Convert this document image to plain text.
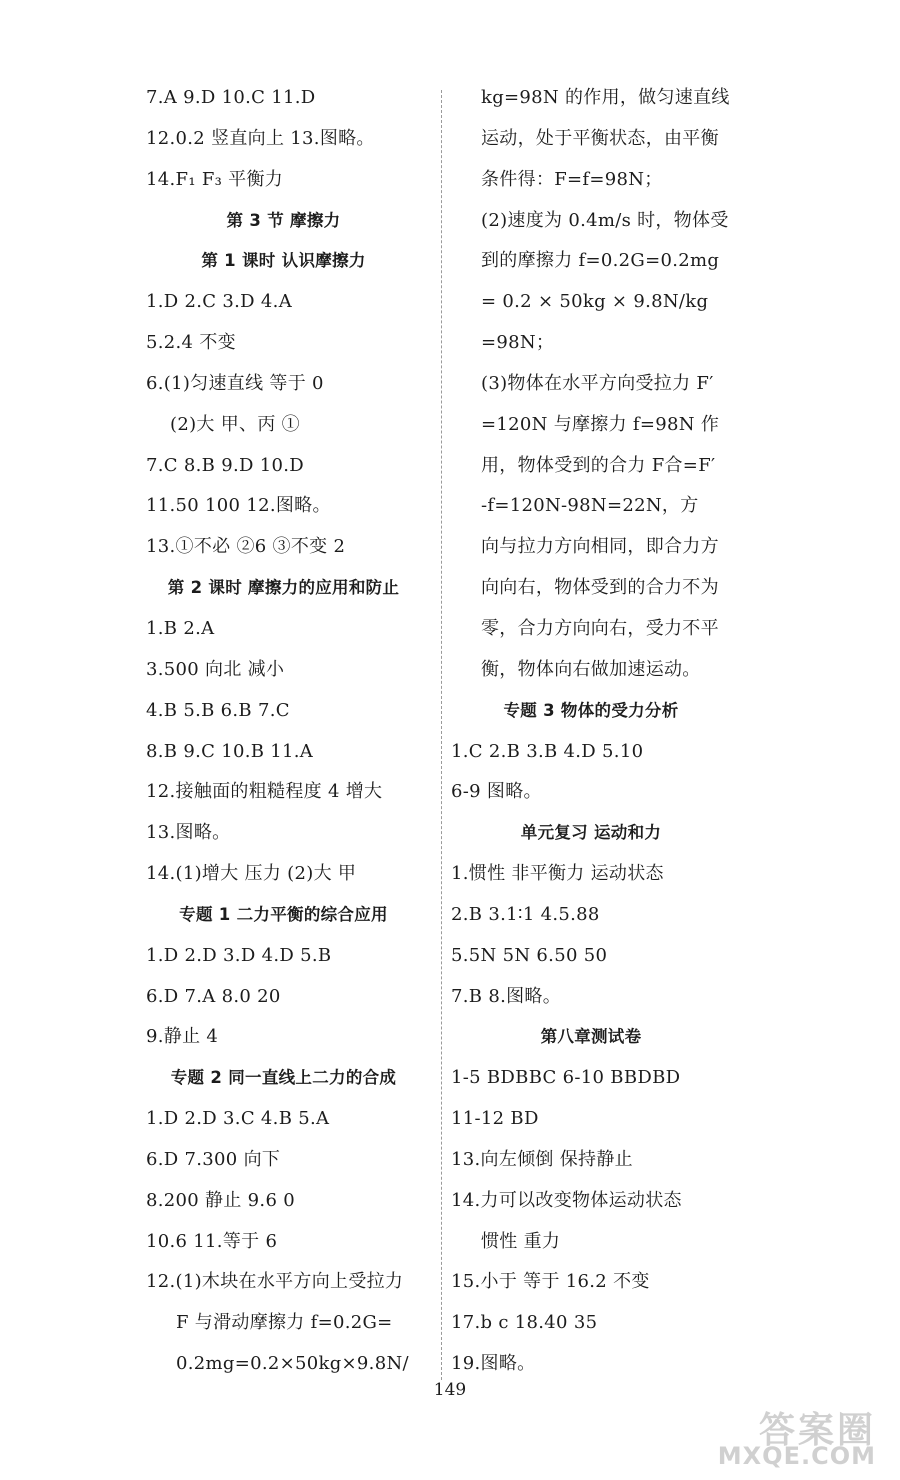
7.A 9.D 10.C 11.D
12.0.2 竖直向上 13.图略。
14.F₁ F₃ 平衡力
第 3 节 摩擦力
第 1 课时 认识摩擦力
1.D 2.C 3.D 4.A
5.2.4 不变
6.(1)匀速直线 等于 0
(2)大 甲、丙 ①
7.C 8.B 9.D 10.D
11.50 100 12.图略。
13.①不必 ②6 ③不变 2
第 2 课时 摩擦力的应用和防止
1.B 2.A
3.500 向北 减小
4.B 5.B 6.B 7.C
8.B 9.C 10.B 11.A
12.接触面的粗糙程度 4 增大
13.图略。
14.(1)增大 压力 (2)大 甲
专题 1 二力平衡的综合应用
1.D 2.D 3.D 4.D 5.B
6.D 7.A 8.0 20
9.静止 4
专题 2 同一直线上二力的合成
1.D 2.D 3.C 4.B 5.A
6.D 7.300 向下
8.200 静止 9.6 0
10.6 11.等于 6
12.(1)木块在水平方向上受拉力
F 与滑动摩擦力 f=0.2G=
0.2mg=0.2×50kg×9.8N/
kg=98N 的作用，做匀速直线
运动，处于平衡状态，由平衡
条件得：F=f=98N；
(2)速度为 0.4m/s 时，物体受
到的摩擦力 f=0.2G=0.2mg
= 0.2 × 50kg × 9.8N/kg
=98N；
(3)物体在水平方向受拉力 F′
=120N 与摩擦力 f=98N 作
用，物体受到的合力 F合=F′
-f=120N-98N=22N，方
向与拉力方向相同，即合力方
向向右，物体受到的合力不为
零，合力方向向右，受力不平
衡，物体向右做加速运动。
专题 3 物体的受力分析
1.C 2.B 3.B 4.D 5.10
6-9 图略。
单元复习 运动和力
1.惯性 非平衡力 运动状态
2.B 3.1∶1 4.5.88
5.5N 5N 6.50 50
7.B 8.图略。
第八章测试卷
1-5 BDBBC 6-10 BBDBD
11-12 BD
13.向左倾倒 保持静止
14.力可以改变物体运动状态
惯性 重力
15.小于 等于 16.2 不变
17.b c 18.40 35
19.图略。
149
答案圈
MXQE.COM
